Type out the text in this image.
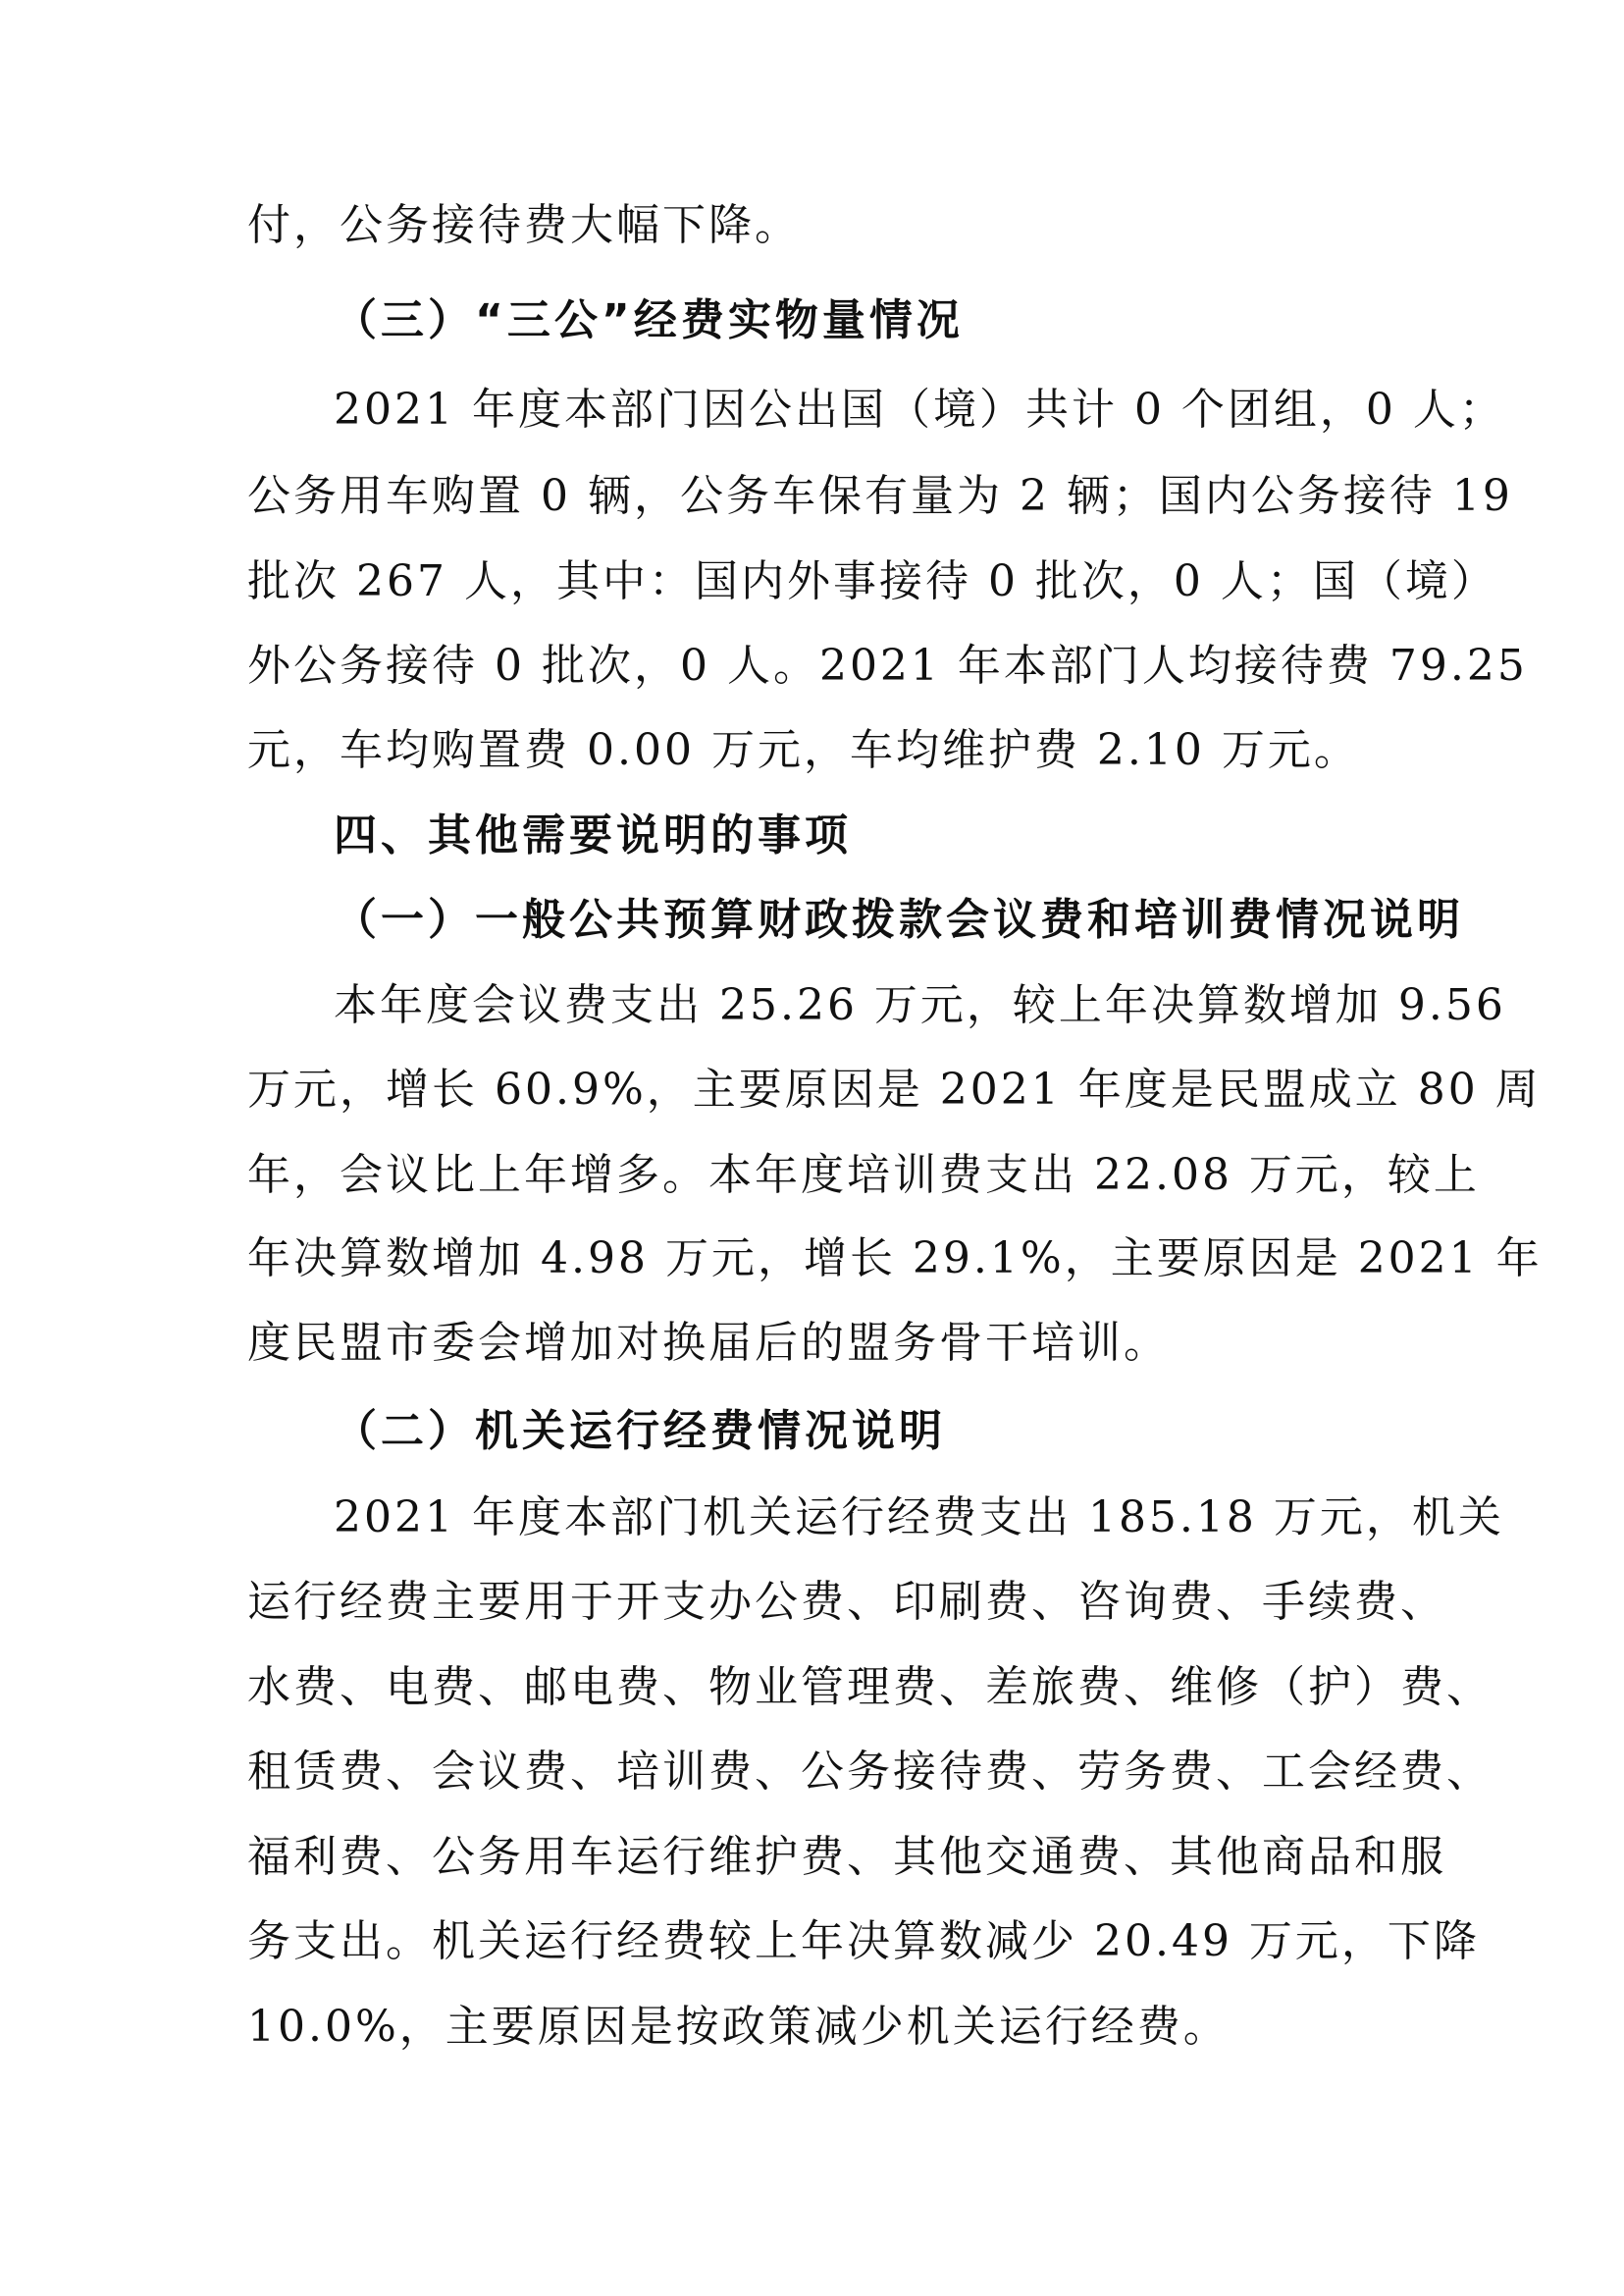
付，公务接待费大幅下降。
（三）“三公”经费实物量情况
2021 年度本部门因公出国（境）共计 0 个团组，0 人；
公务用车购置 0 辆，公务车保有量为 2 辆；国内公务接待 19
批次 267 人，其中：国内外事接待 0 批次，0 人；国（境）
外公务接待 0 批次，0 人。2021 年本部门人均接待费 79.25
元，车均购置费 0.00 万元，车均维护费 2.10 万元。
四、其他需要说明的事项
（一）一般公共预算财政拨款会议费和培训费情况说明
本年度会议费支出 25.26 万元，较上年决算数增加 9.56
万元，增长 60.9%，主要原因是 2021 年度是民盟成立 80 周
年，会议比上年增多。本年度培训费支出 22.08 万元，较上
年决算数增加 4.98 万元，增长 29.1%，主要原因是 2021 年
度民盟市委会增加对换届后的盟务骨干培训。
（二）机关运行经费情况说明
2021 年度本部门机关运行经费支出 185.18 万元，机关
运行经费主要用于开支办公费、印刷费、咨询费、手续费、
水费、电费、邮电费、物业管理费、差旅费、维修（护）费、
租赁费、会议费、培训费、公务接待费、劳务费、工会经费、
福利费、公务用车运行维护费、其他交通费、其他商品和服
务支出。机关运行经费较上年决算数减少 20.49 万元，下降
10.0%，主要原因是按政策减少机关运行经费。
